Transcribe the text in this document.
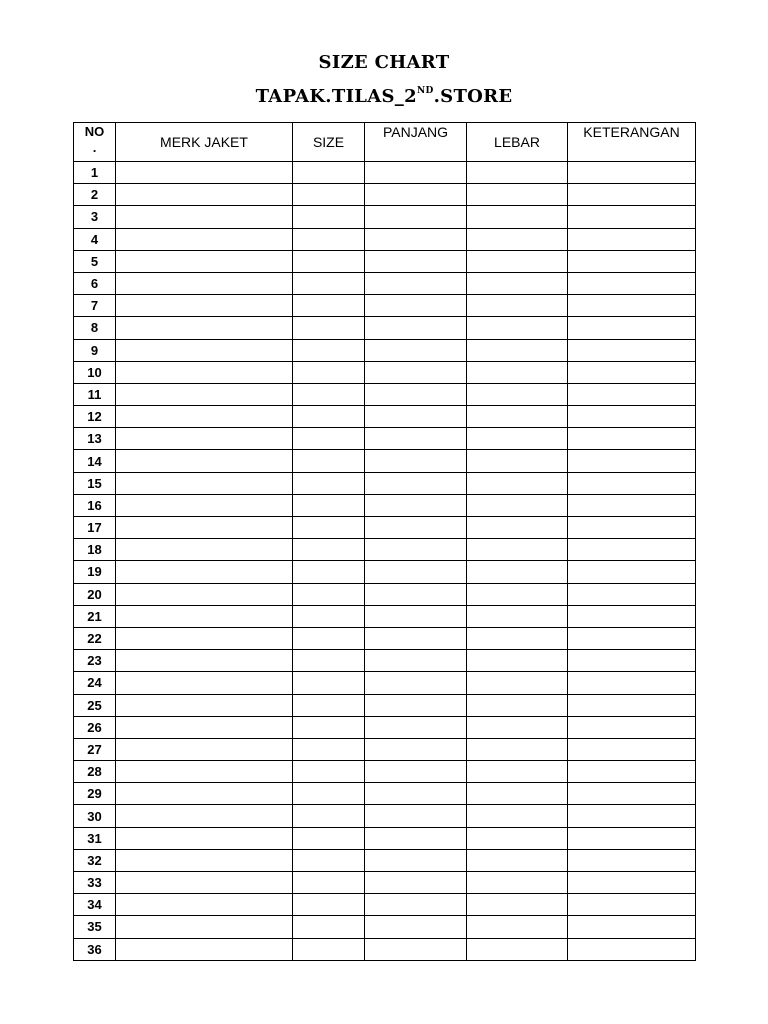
SIZE CHART
TAPAK.TILAS_2ND.STORE
NO
.	MERK JAKET	SIZE	PANJANG	LEBAR	KETERANGAN
1					
2					
3					
4					
5					
6					
7					
8					
9					
10					
11					
12					
13					
14					
15					
16					
17					
18					
19					
20					
21					
22					
23					
24					
25					
26					
27					
28					
29					
30					
31					
32					
33					
34					
35					
36					
